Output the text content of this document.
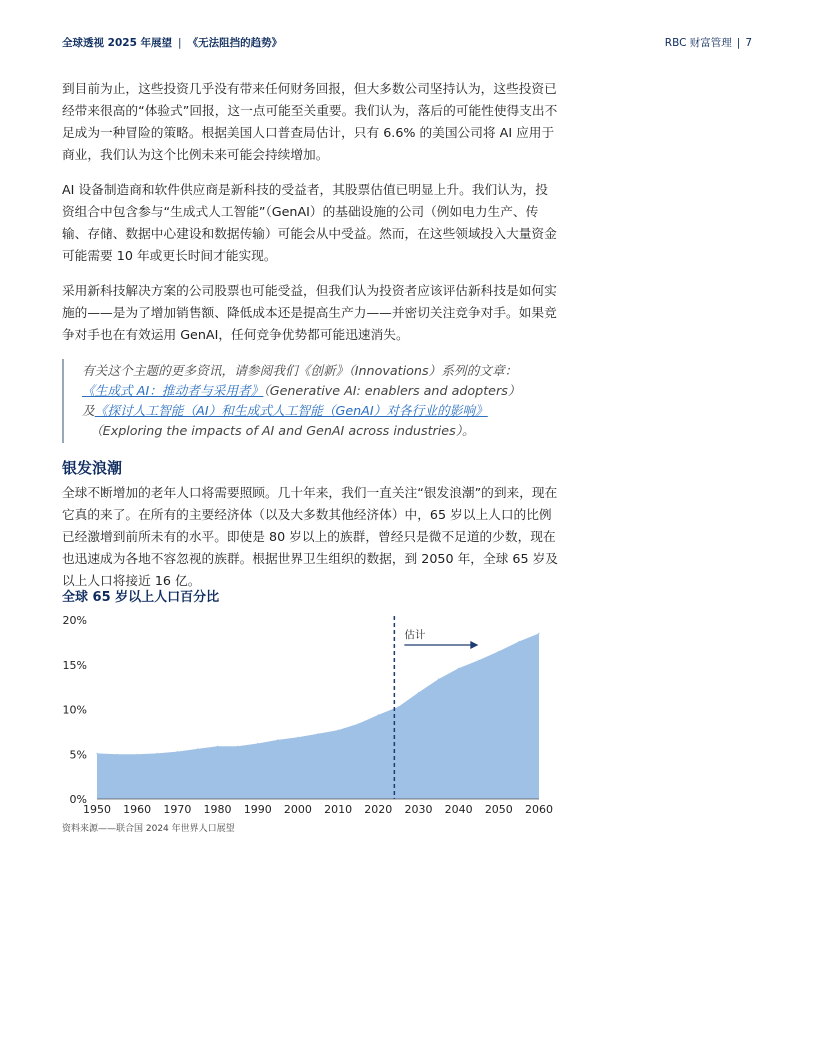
全球透视 2025 年展望 | 《无法阻挡的趋势》	RBC 财富管理 | 7

到目前为止，这些投资几乎没有带来任何财务回报，但大多数公司坚持认为，这些投资已经带来很高的“体验式”回报，这一点可能至关重要。我们认为，落后的可能性使得支出不足成为一种冒险的策略。根据美国人口普查局估计，只有 6.6% 的美国公司将 AI 应用于商业，我们认为这个比例未来可能会持续增加。

AI 设备制造商和软件供应商是新科技的受益者，其股票估值已明显上升。我们认为，投资组合中包含参与“生成式人工智能”（GenAI）的基础设施的公司（例如电力生产、传输、存储、数据中心建设和数据传输）可能会从中受益。然而，在这些领域投入大量资金可能需要 10 年或更长时间才能实现。

采用新科技解决方案的公司股票也可能受益，但我们认为投资者应该评估新科技是如何实施的——是为了增加销售额、降低成本还是提高生产力——并密切关注竞争对手。如果竞争对手也在有效运用 GenAI，任何竞争优势都可能迅速消失。

有关这个主题的更多资讯，请参阅我们《创新》（Innovations）系列的文章：
《生成式 AI：推动者与采用者》（Generative AI: enablers and adopters）
及《探讨人工智能（AI）和生成式人工智能（GenAI）对各行业的影响》
（Exploring the impacts of AI and GenAI across industries）。
银发浪潮

全球不断增加的老年人口将需要照顾。几十年来，我们一直关注“银发浪潮”的到来，现在它真的来了。在所有的主要经济体（以及大多数其他经济体）中，65 岁以上人口的比例已经激增到前所未有的水平。即使是 80 岁以上的族群，曾经只是微不足道的少数，现在也迅速成为各地不容忽视的族群。根据世界卫生组织的数据，到 2050 年，全球 65 岁及以上人口将接近 16 亿。

全球 65 岁以上人口百分比
0%
5%
10%
15%
20%
1950 1960 1970 1980 1990 2000 2010 2020 2030 2040 2050 2060
估计
资料来源——联合国 2024 年世界人口展望
